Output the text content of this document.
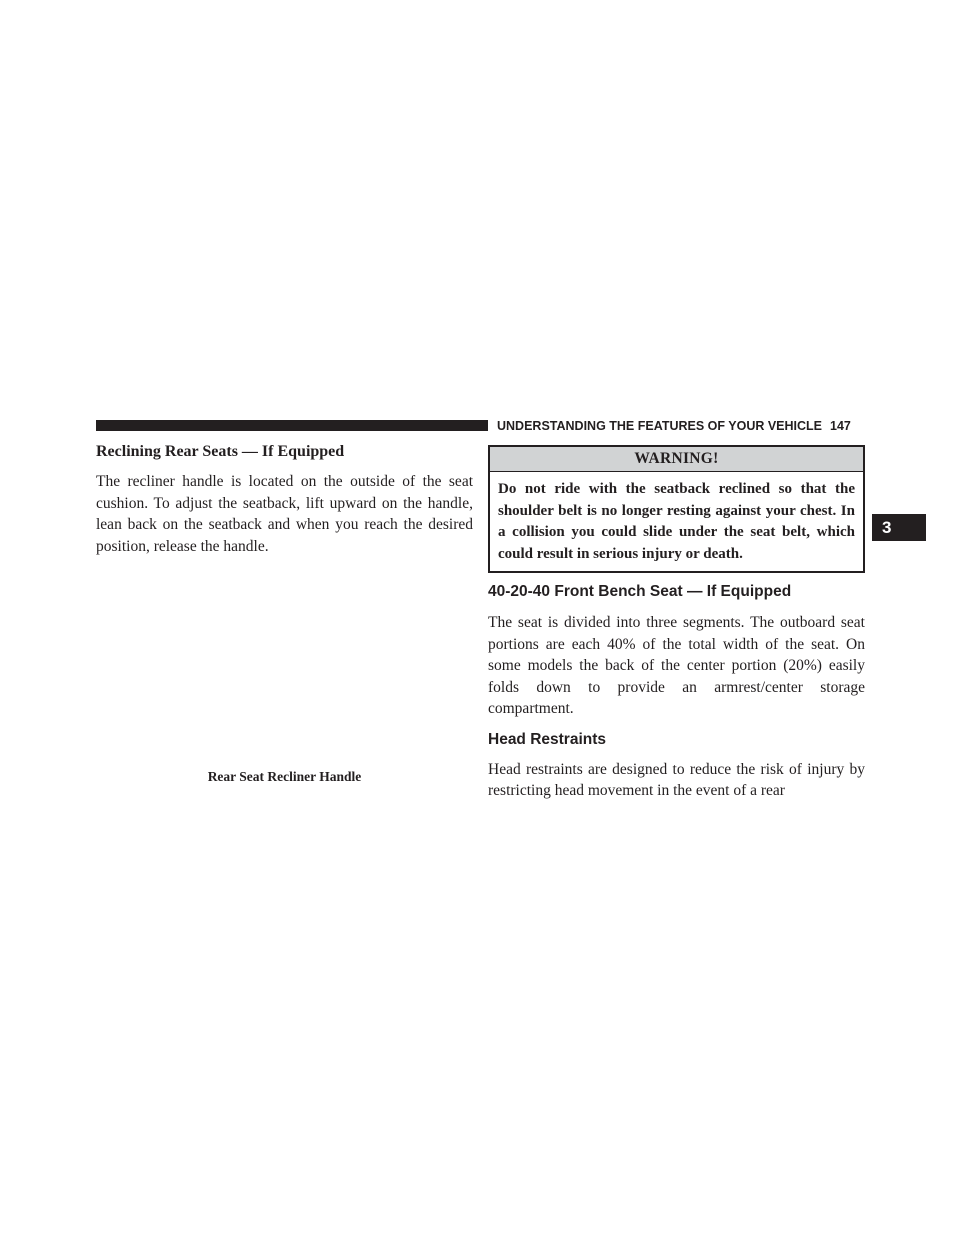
UNDERSTANDING THE FEATURES OF YOUR VEHICLE 147
3
Reclining Rear Seats — If Equipped

The recliner handle is located on the outside of the seat cushion. To adjust the seatback, lift upward on the handle, lean back on the seatback and when you reach the desired position, release the handle.

Rear Seat Recliner Handle
WARNING!
Do not ride with the seatback reclined so that the shoulder belt is no longer resting against your chest. In a collision you could slide under the seat belt, which could result in serious injury or death.
40-20-40 Front Bench Seat — If Equipped

The seat is divided into three segments. The outboard seat portions are each 40% of the total width of the seat. On some models the back of the center portion (20%) easily folds down to provide an armrest/center storage compartment.

Head Restraints

Head restraints are designed to reduce the risk of injury by restricting head movement in the event of a rear
